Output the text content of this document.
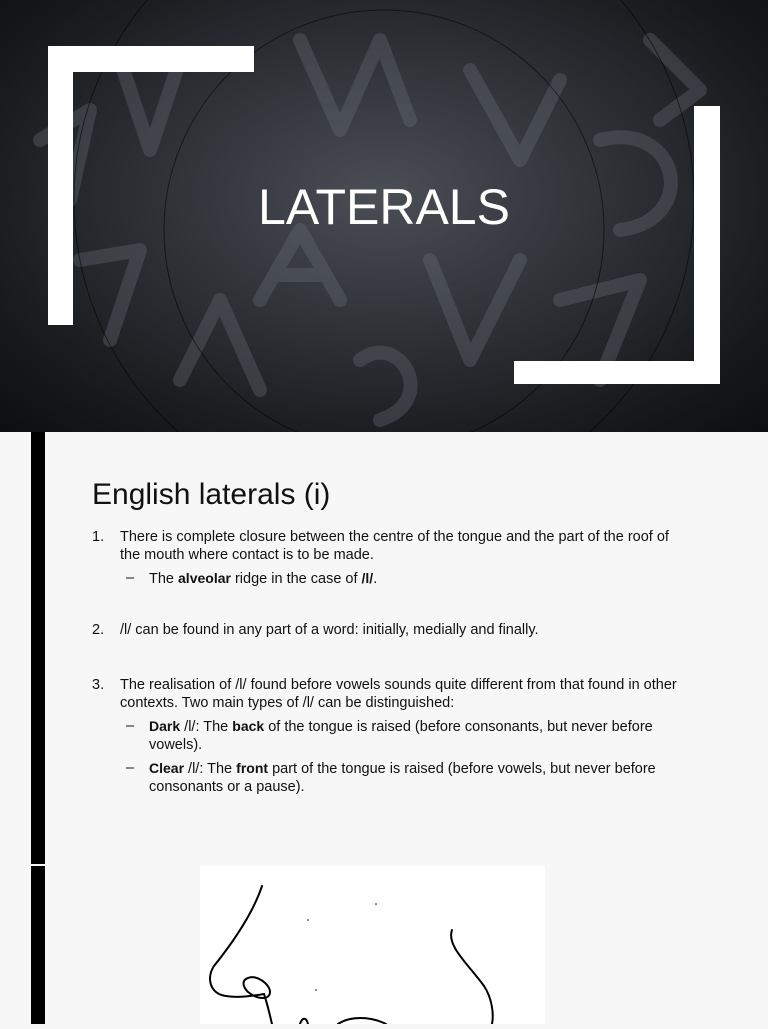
LATERALS
English laterals (i)
1. There is complete closure between the centre of the tongue and the part of the roof of the mouth where contact is to be made.
– The alveolar ridge in the case of /l/.
2. /l/ can be found in any part of a word: initially, medially and finally.
3. The realisation of /l/ found before vowels sounds quite different from that found in other contexts. Two main types of /l/ can be distinguished:
– Dark /l/: The back of the tongue is raised (before consonants, but never before vowels).
– Clear /l/: The front part of the tongue is raised (before vowels, but never before consonants or a pause).
